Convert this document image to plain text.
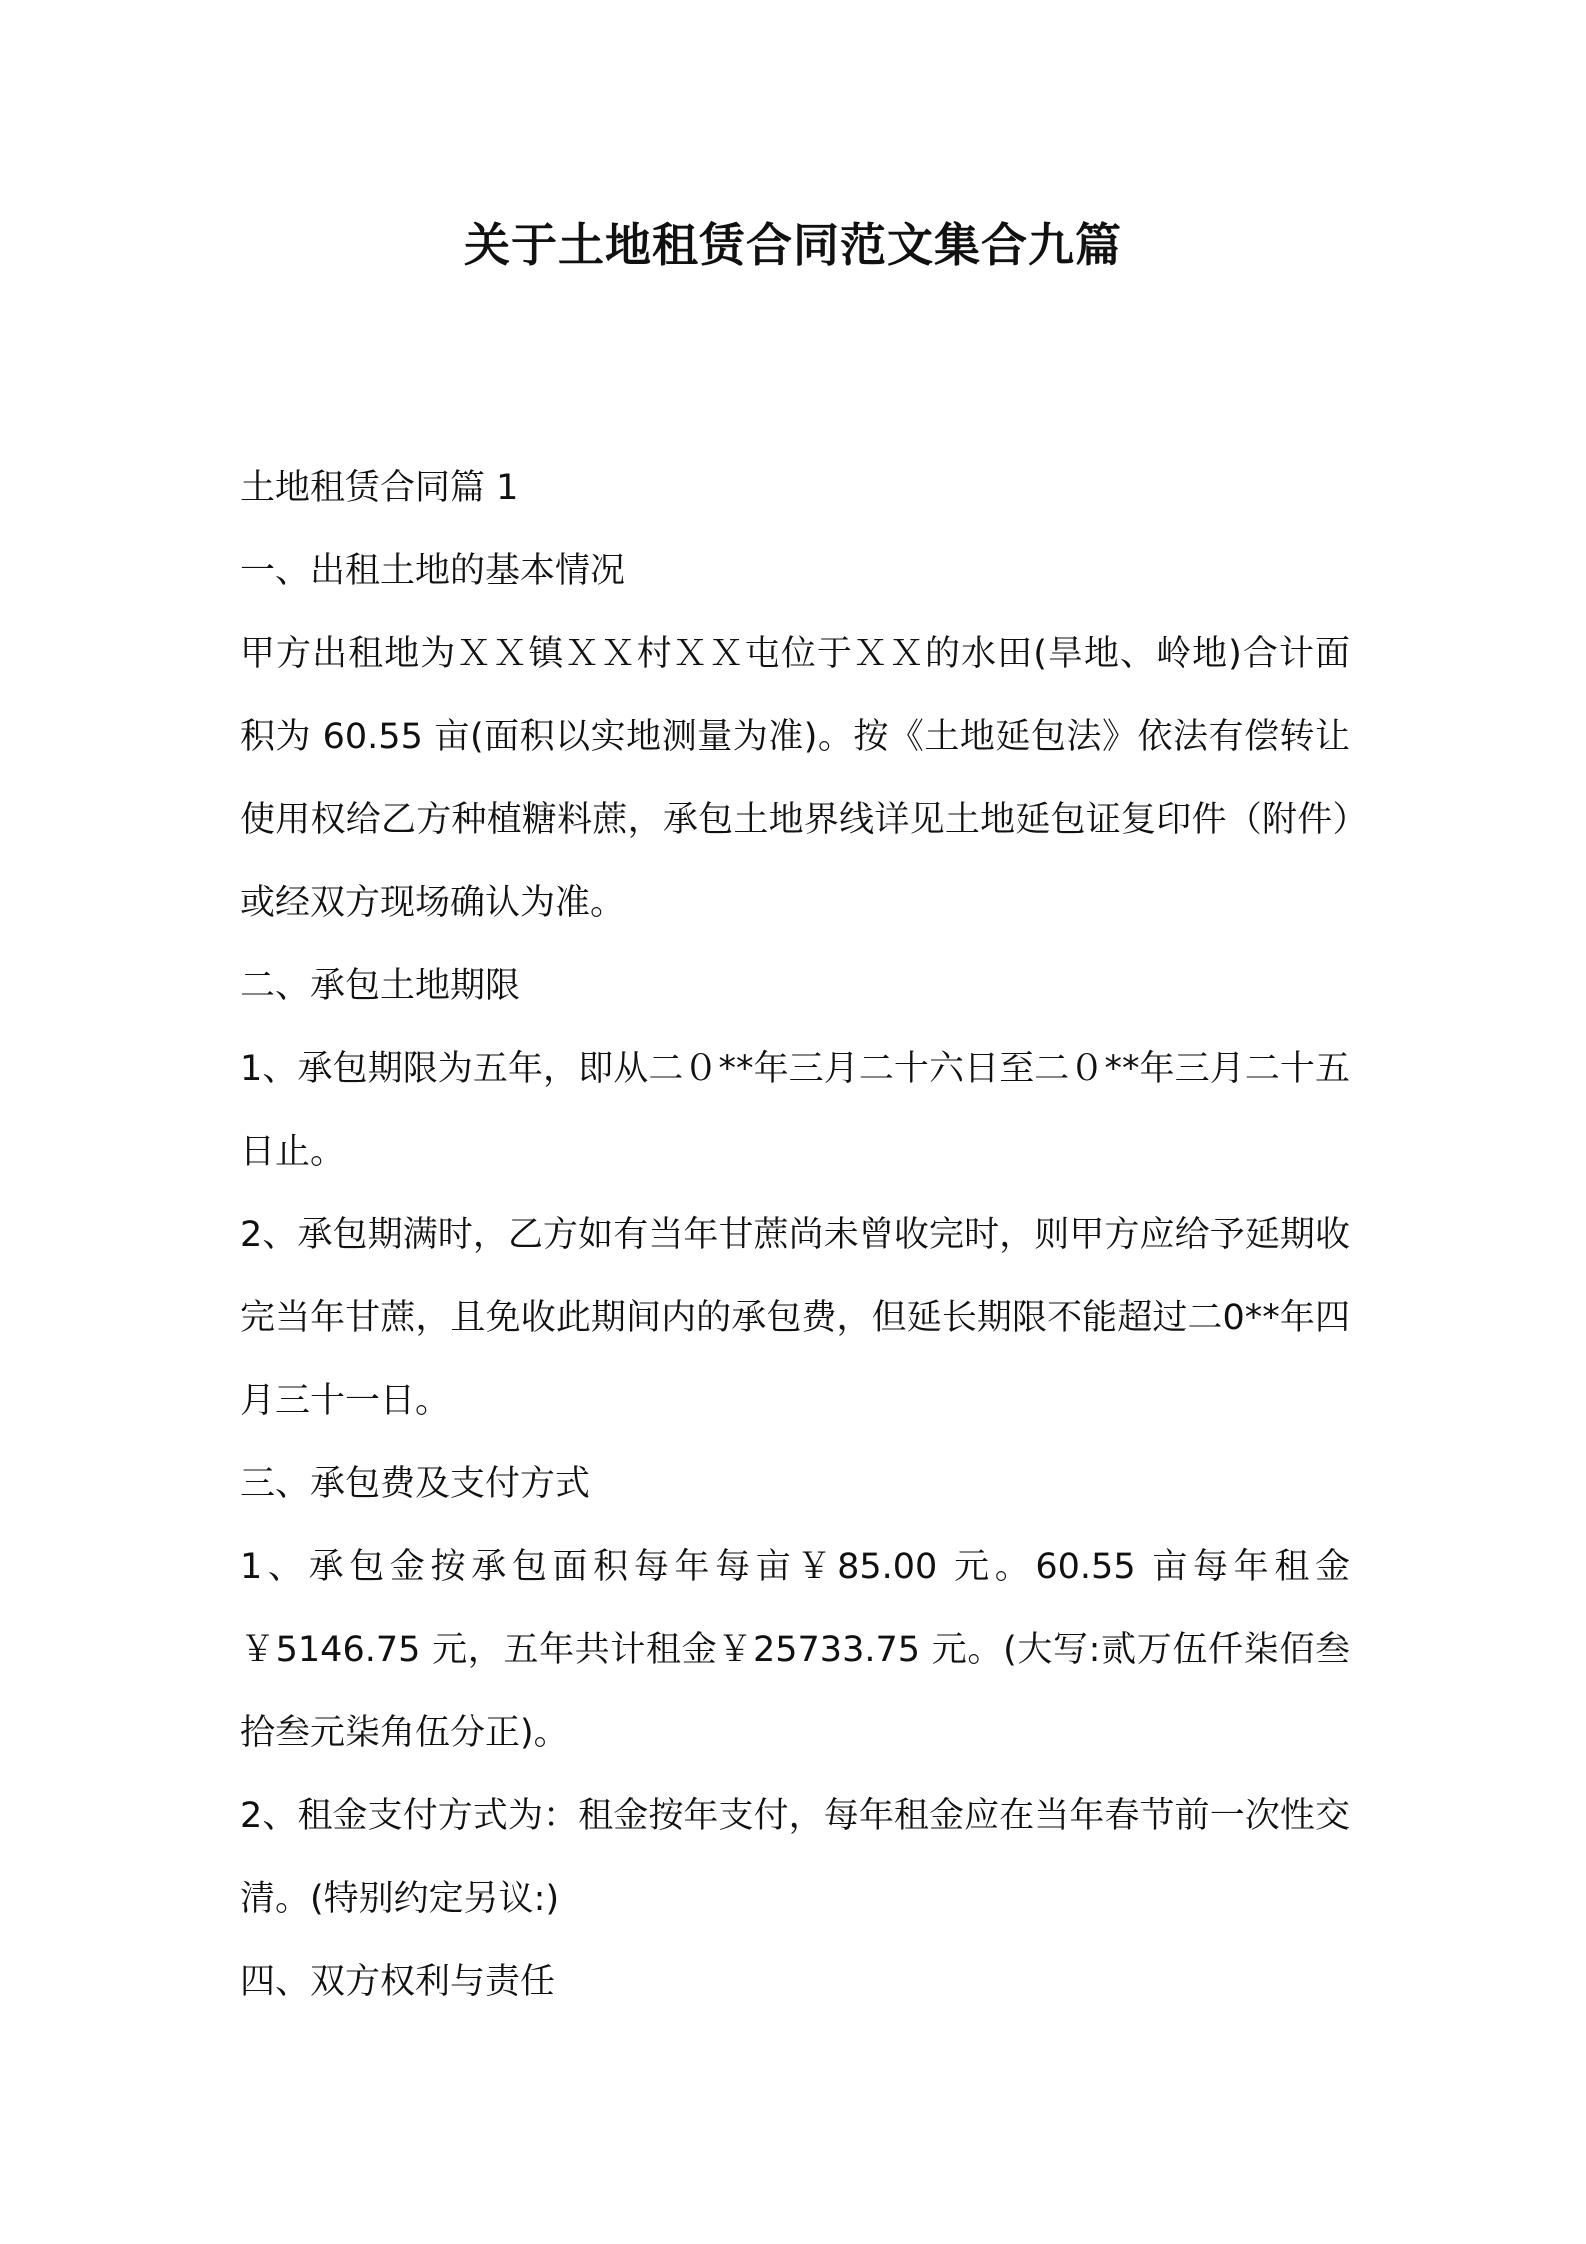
关于土地租赁合同范文集合九篇

土地租赁合同篇 1

一、出租土地的基本情况

甲方出租地为ＸＸ镇ＸＸ村ＸＸ屯位于ＸＸ的水田(旱地、岭地)合计面积为 60.55 亩(面积以实地测量为准)。按《土地延包法》依法有偿转让使用权给乙方种植糖料蔗，承包土地界线详见土地延包证复印件（附件）或经双方现场确认为准。

二、承包土地期限

1、承包期限为五年，即从二０**年三月二十六日至二０**年三月二十五日止。

2、承包期满时，乙方如有当年甘蔗尚未曾收完时，则甲方应给予延期收完当年甘蔗，且免收此期间内的承包费，但延长期限不能超过二0**年四月三十一日。

三、承包费及支付方式

1、承包金按承包面积每年每亩￥85.00 元。60.55 亩每年租金￥5146.75 元，五年共计租金￥25733.75 元。(大写:贰万伍仟柒佰叁拾叁元柒角伍分正)。

2、租金支付方式为：租金按年支付，每年租金应在当年春节前一次性交清。(特别约定另议:)

四、双方权利与责任
